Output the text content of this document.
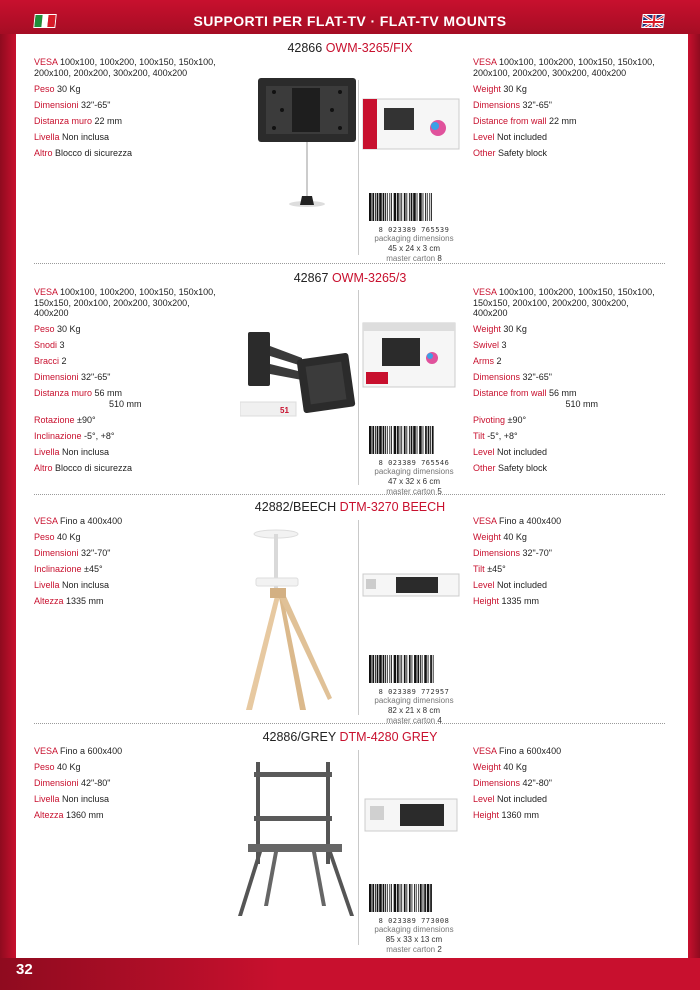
SUPPORTI PER FLAT-TV · FLAT-TV MOUNTS
32
42866 OWM-3265/FIX
VESA 100x100, 100x200, 100x150, 150x100,
200x100, 200x200, 300x200, 400x200
Peso 30 Kg
Dimensioni 32"-65"
Distanza muro 22 mm
Livella Non inclusa
Altro Blocco di sicurezza
VESA 100x100, 100x200, 100x150, 150x100,
200x100, 200x200, 300x200, 400x200
Weight 30 Kg
Dimensions 32"-65"
Distance from wall 22 mm
Level Not included
Other Safety block
8 023389 765539
packaging dimensions
45 x 24 x 3 cm
master carton 8
42867 OWM-3265/3
VESA 100x100, 100x200, 100x150, 150x100,
150x150, 200x100, 200x200, 300x200,
400x200
Peso 30 Kg
Snodi 3
Bracci 2
Dimensioni 32"-65"
Distanza muro 56 mm
510 mm
Rotazione ±90°
Inclinazione -5°, +8°
Livella Non inclusa
Altro Blocco di sicurezza
VESA 100x100, 100x200, 100x150, 150x100,
150x150, 200x100, 200x200, 300x200,
400x200
Weight 30 Kg
Swivel 3
Arms 2
Dimensions 32"-65"
Distance from wall 56 mm
510 mm
Pivoting ±90°
Tilt -5°, +8°
Level Not included
Other Safety block
51
8 023389 765546
packaging dimensions
47 x 32 x 6 cm
master carton 5
42882/BEECH DTM-3270 BEECH
VESA Fino a 400x400
Peso 40 Kg
Dimensioni 32"-70"
Inclinazione ±45°
Livella Non inclusa
Altezza 1335 mm
VESA Fino a 400x400
Weight 40 Kg
Dimensions 32"-70"
Tilt ±45°
Level Not included
Height 1335 mm
8 023389 772957
packaging dimensions
82 x 21 x 8 cm
master carton 4
42886/GREY DTM-4280 GREY
VESA Fino a 600x400
Peso 40 Kg
Dimensioni 42"-80"
Livella Non inclusa
Altezza 1360 mm
VESA Fino a 600x400
Weight 40 Kg
Dimensions 42"-80"
Level Not included
Height 1360 mm
8 023389 773008
packaging dimensions
85 x 33 x 13 cm
master carton 2
